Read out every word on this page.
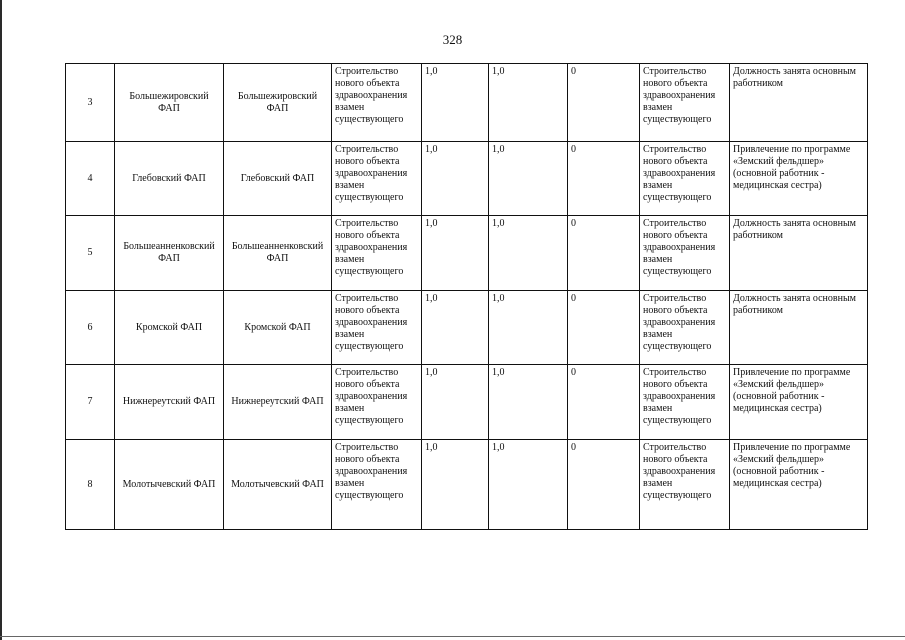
328
3	Большежировский ФАП	Большежировский ФАП	Строительство нового объекта здравоохранения взамен существующего	1,0	1,0	0	Строительство нового объекта здравоохранения взамен существующего	Должность занята основным работником
4	Глебовский ФАП	Глебовский ФАП	Строительство нового объекта здравоохранения взамен существующего	1,0	1,0	0	Строительство нового объекта здравоохранения взамен существующего	Привлечение по программе «Земский фельдшер» (основной работник - медицинская сестра)
5	Большеанненковский ФАП	Большеанненковский ФАП	Строительство нового объекта здравоохранения взамен существующего	1,0	1,0	0	Строительство нового объекта здравоохранения взамен существующего	Должность занята основным работником
6	Кромской ФАП	Кромской ФАП	Строительство нового объекта здравоохранения взамен существующего	1,0	1,0	0	Строительство нового объекта здравоохранения взамен существующего	Должность занята основным работником
7	Нижнереутский ФАП	Нижнереутский ФАП	Строительство нового объекта здравоохранения взамен существующего	1,0	1,0	0	Строительство нового объекта здравоохранения взамен существующего	Привлечение по программе «Земский фельдшер» (основной работник - медицинская сестра)
8	Молотычевский ФАП	Молотычевский ФАП	Строительство нового объекта здравоохранения взамен существующего	1,0	1,0	0	Строительство нового объекта здравоохранения взамен существующего	Привлечение по программе «Земский фельдшер» (основной работник - медицинская сестра)
